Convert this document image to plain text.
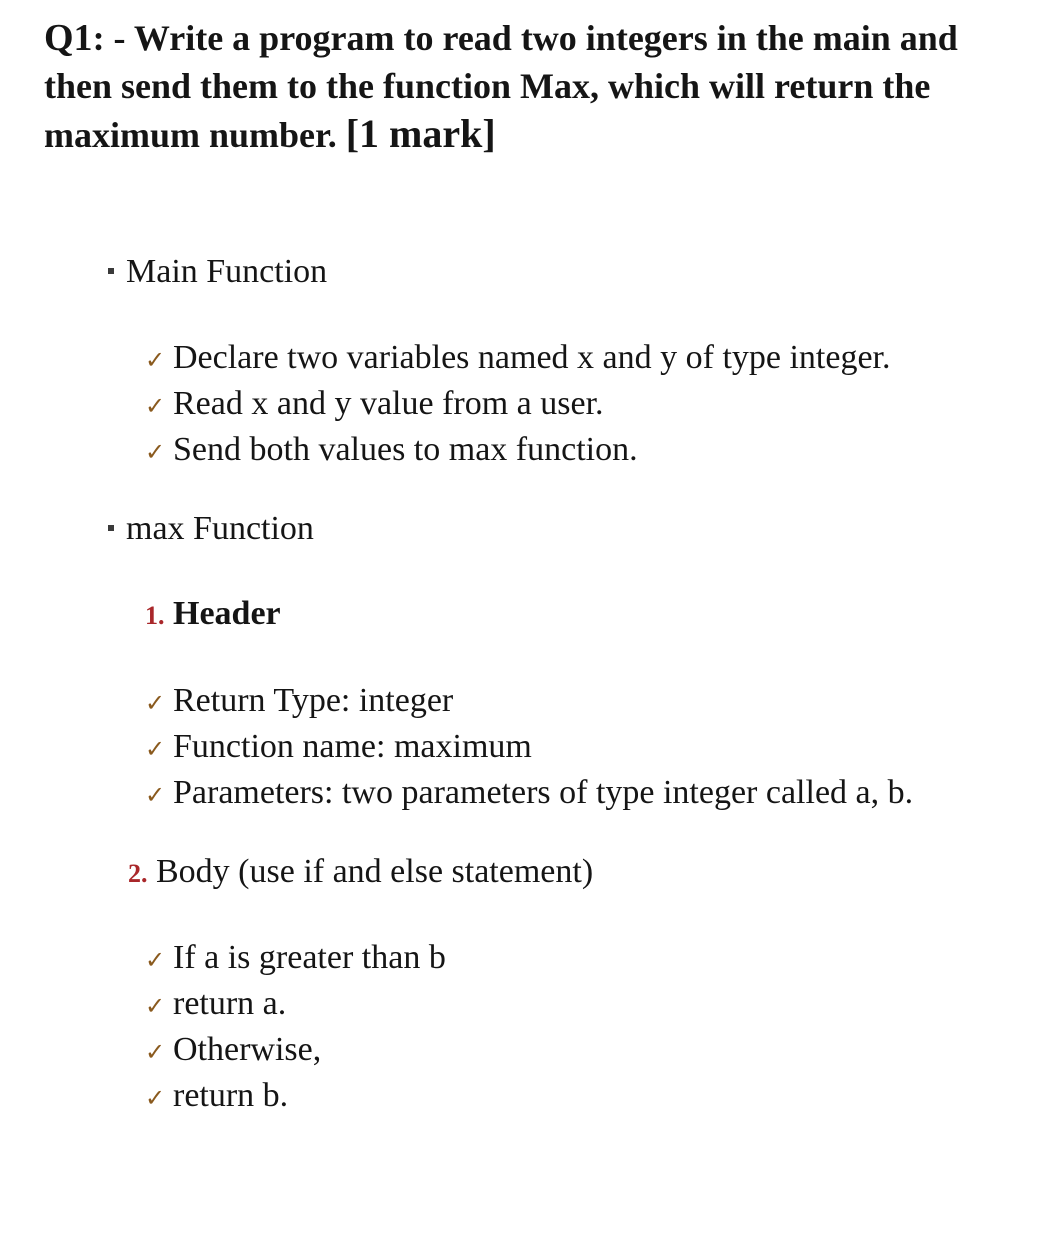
Q1: - Write a program to read two integers in the main and then send them to the function Max, which will return the maximum number. [1 mark]

Main Function

✓ Declare two variables named x and y of type integer.
✓ Read x and y value from a user.
✓ Send both values to max function.

max Function

1. Header

✓ Return Type: integer
✓ Function name: maximum
✓ Parameters: two parameters of type integer called a, b.

2. Body (use if and else statement)

✓ If a is greater than b
✓ return a.
✓ Otherwise,
✓ return b.
